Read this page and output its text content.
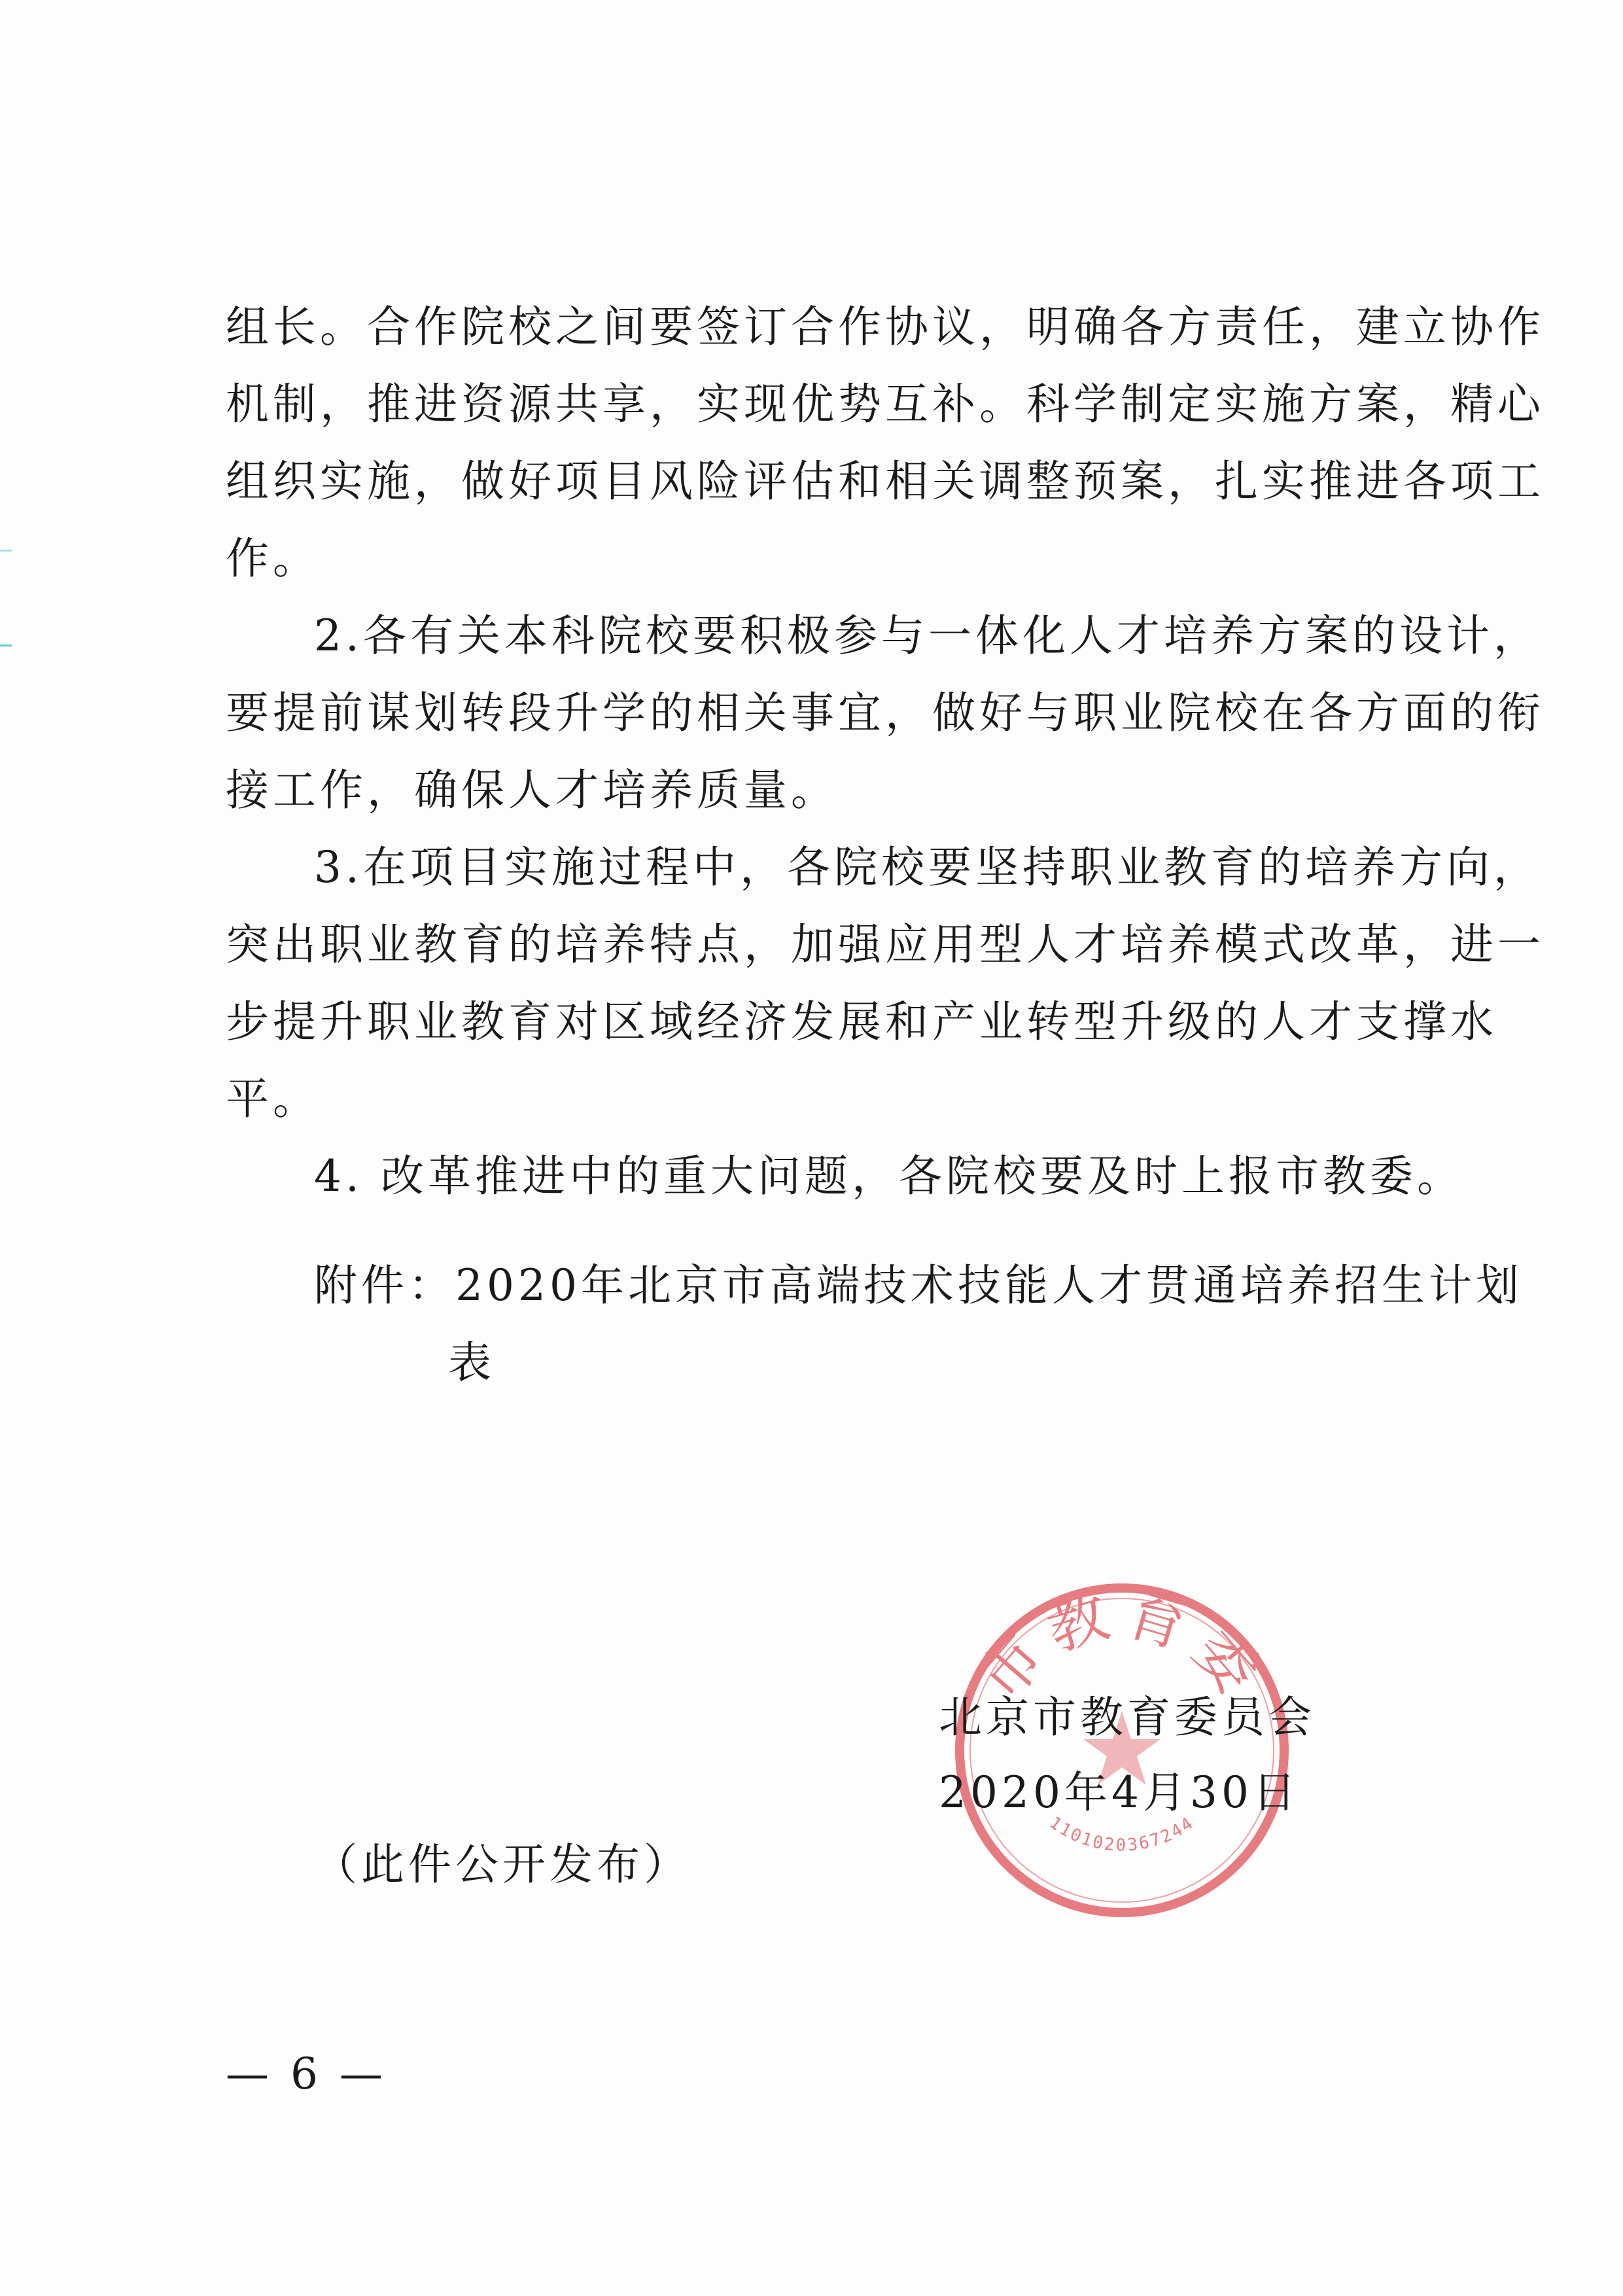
组长。合作院校之间要签订合作协议，明确各方责任，建立协作
机制，推进资源共享，实现优势互补。科学制定实施方案，精心
组织实施，做好项目风险评估和相关调整预案，扎实推进各项工
作。
2.各有关本科院校要积极参与一体化人才培养方案的设计，
要提前谋划转段升学的相关事宜，做好与职业院校在各方面的衔
接工作，确保人才培养质量。
3.在项目实施过程中，各院校要坚持职业教育的培养方向，
突出职业教育的培养特点，加强应用型人才培养模式改革，进一
步提升职业教育对区域经济发展和产业转型升级的人才支撑水
平。
4. 改革推进中的重大问题，各院校要及时上报市教委。
附件：2020年北京市高端技术技能人才贯通培养招生计划
表
市教育委
1101020367244
北京市教育委员会
2020年4月30日
（此件公开发布）
— 6 —
